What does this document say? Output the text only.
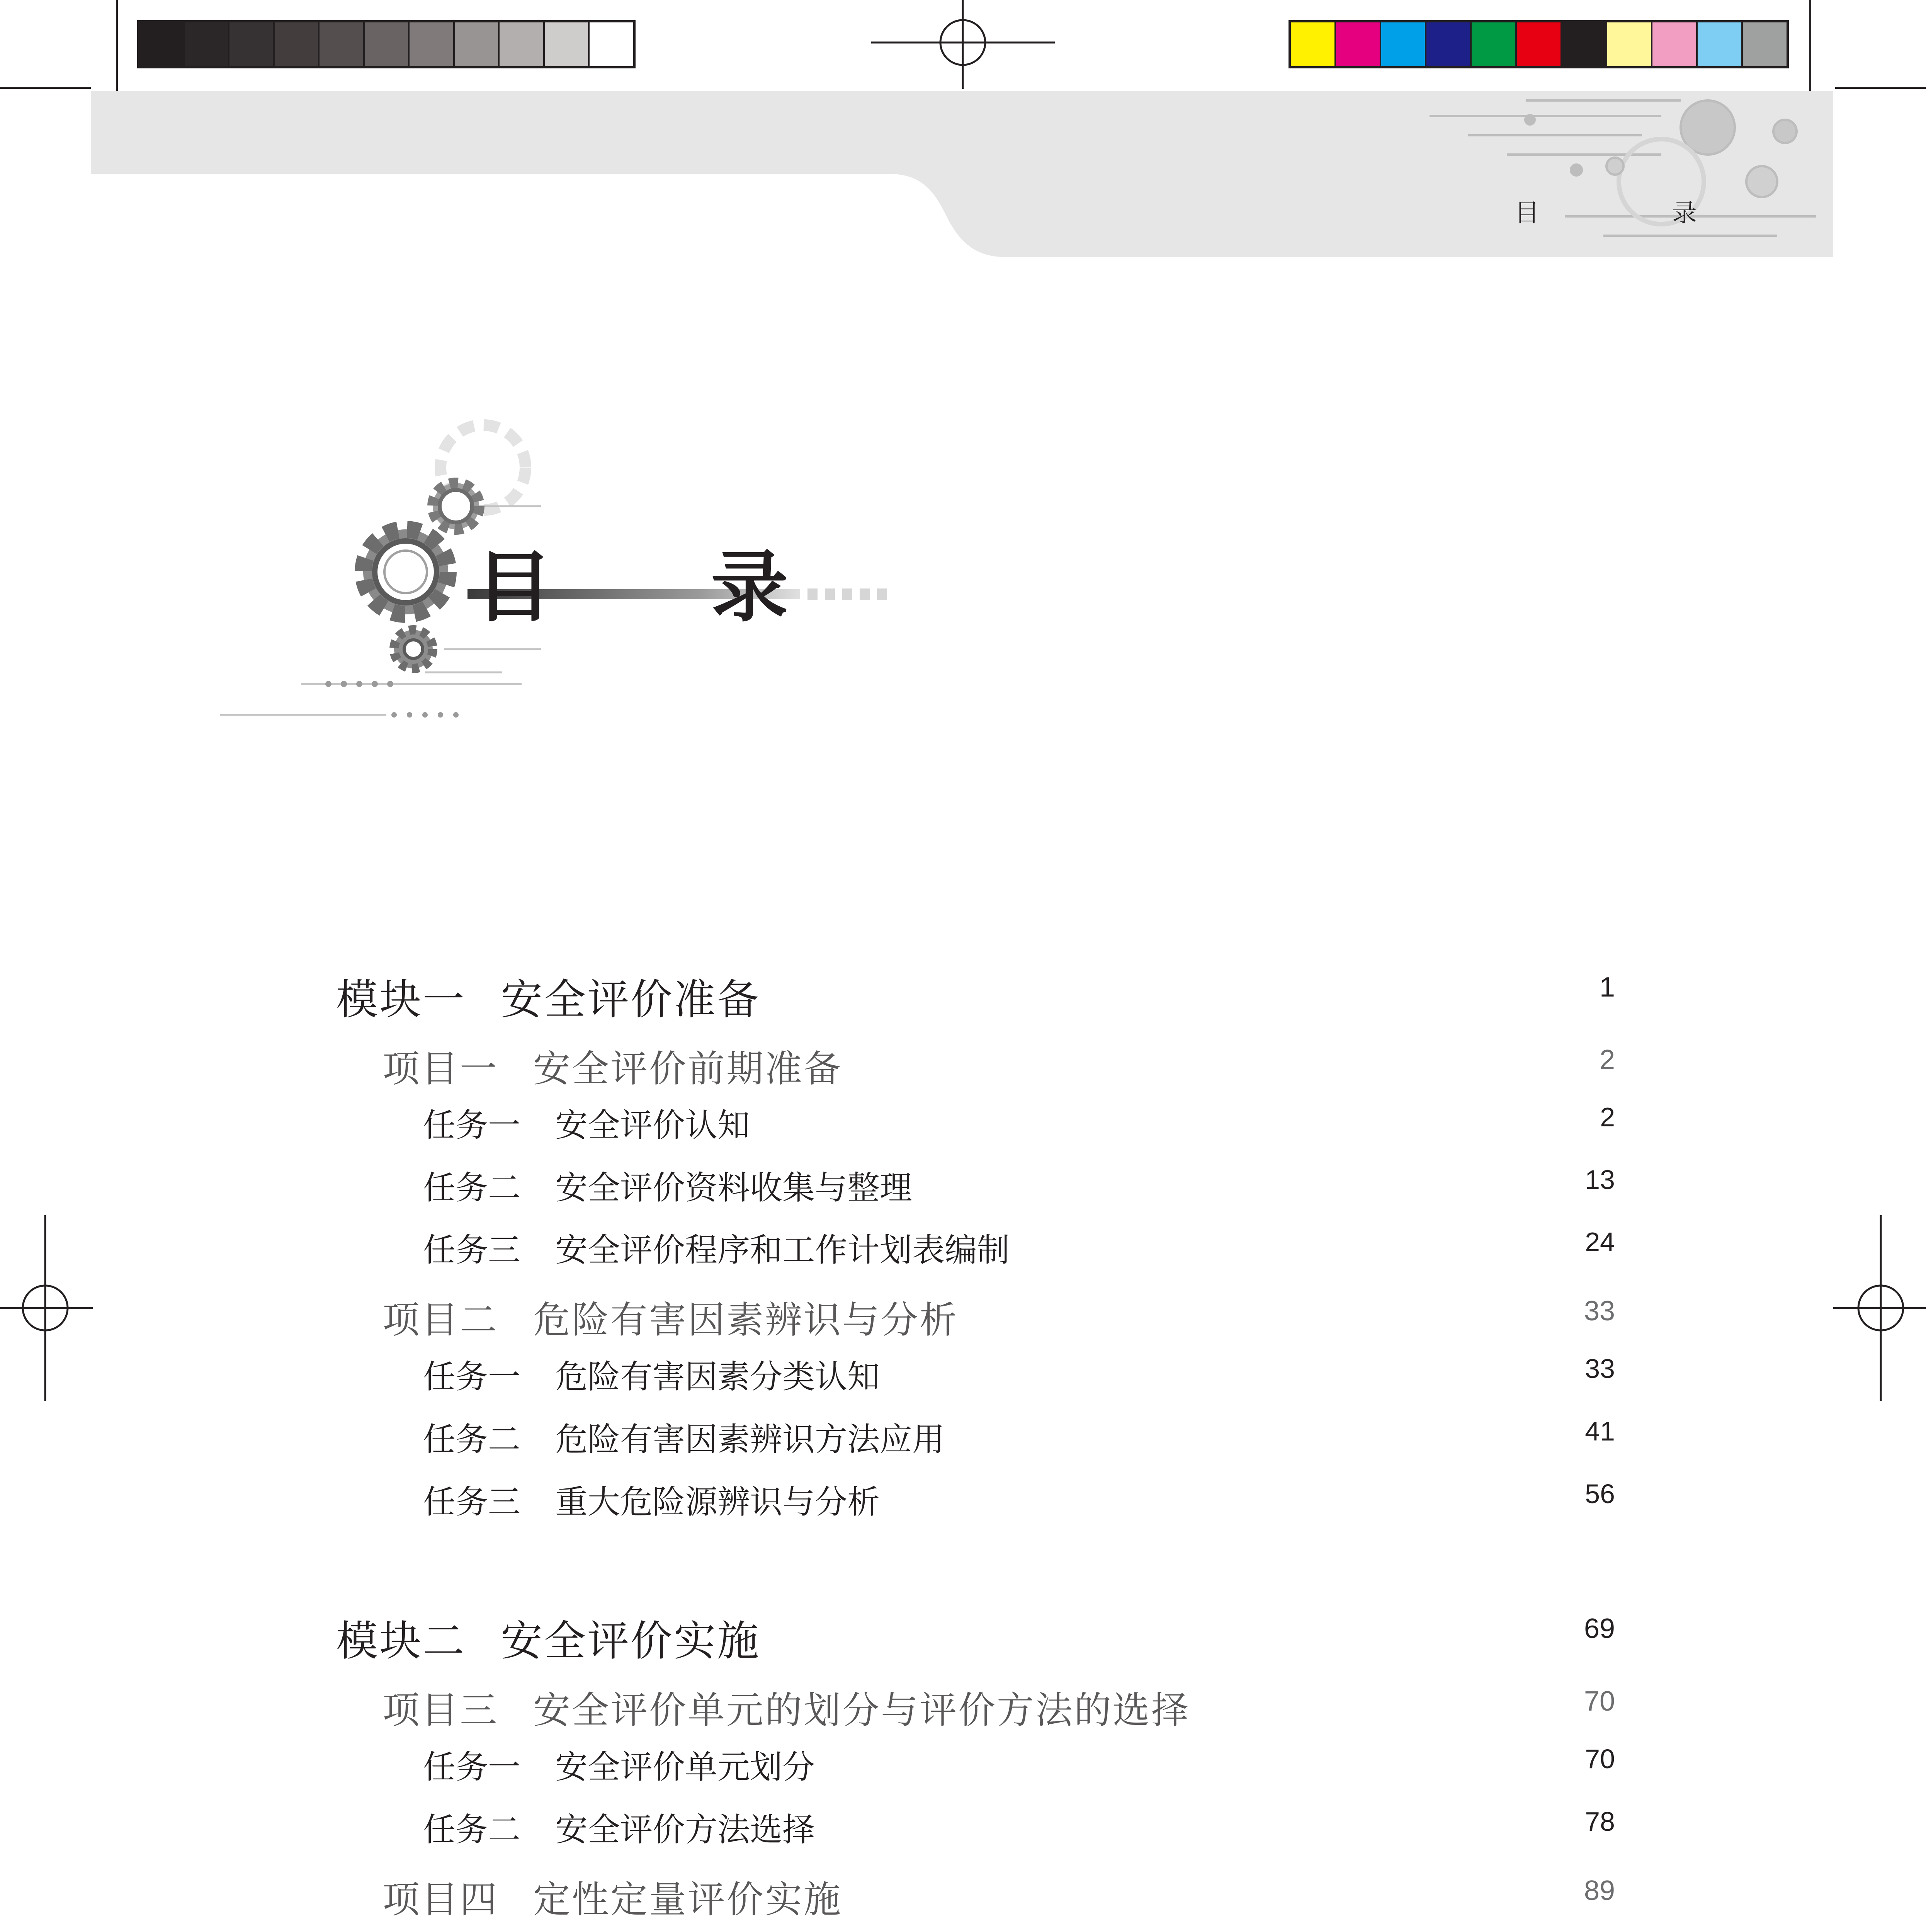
目　录
目 录
模块一 安全评价准备	1
项目一 安全评价前期准备	2
任务一 安全评价认知	2
任务二 安全评价资料收集与整理	13
任务三 安全评价程序和工作计划表编制	24
项目二 危险有害因素辨识与分析	33
任务一 危险有害因素分类认知	33
任务二 危险有害因素辨识方法应用	41
任务三 重大危险源辨识与分析	56
模块二 安全评价实施	69
项目三 安全评价单元的划分与评价方法的选择	70
任务一 安全评价单元划分	70
任务二 安全评价方法选择	78
项目四 定性定量评价实施	89
